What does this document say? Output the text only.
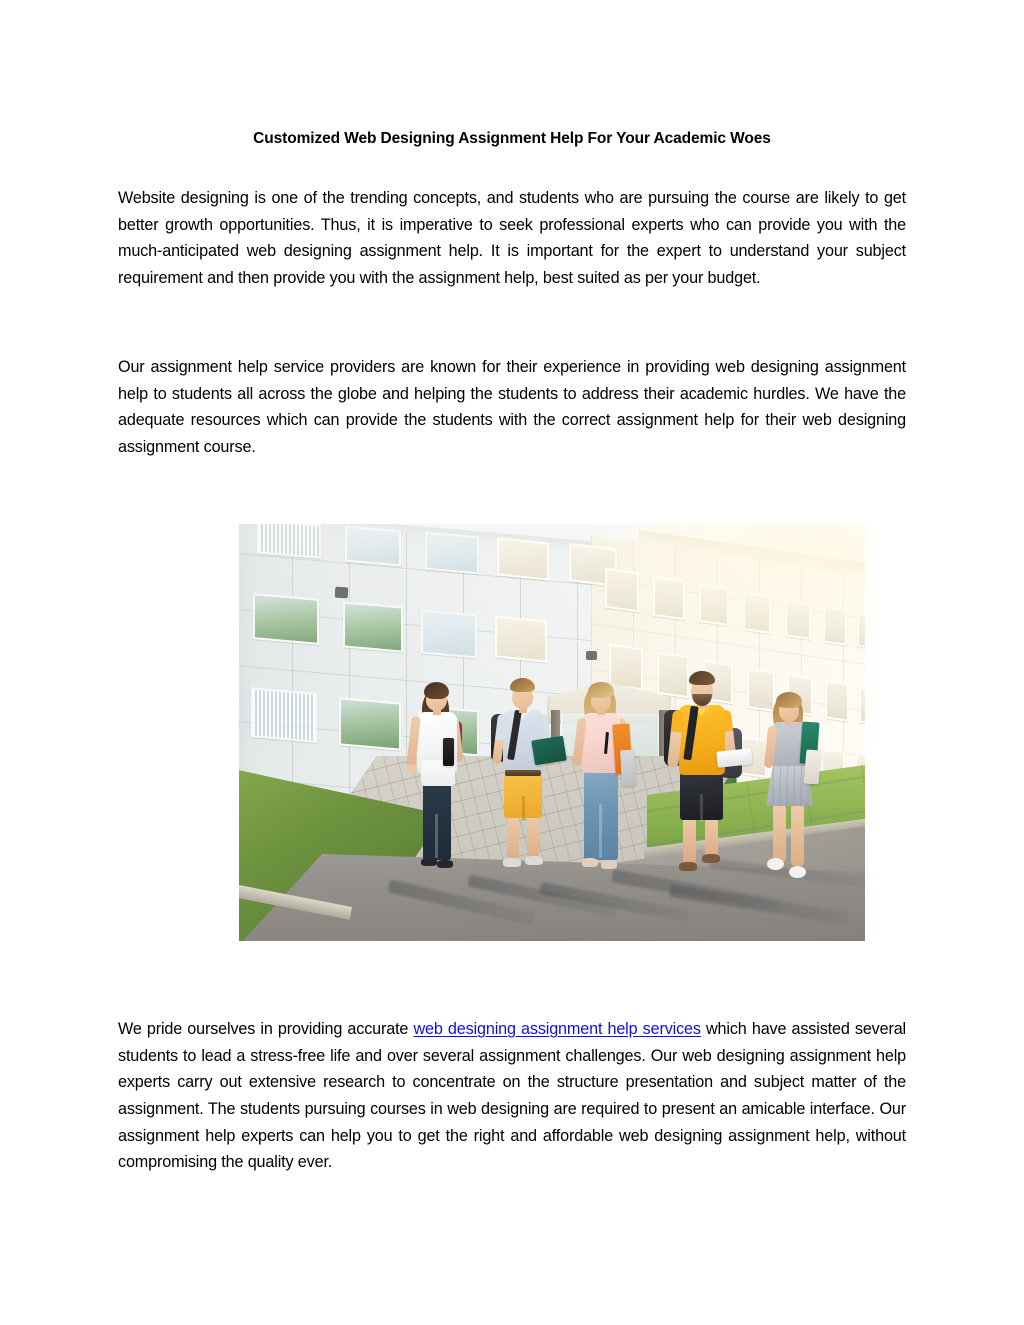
Customized Web Designing Assignment Help For Your Academic Woes

Website designing is one of the trending concepts, and students who are pursuing the course are likely to get better growth opportunities. Thus, it is imperative to seek professional experts who can provide you with the much-anticipated web designing assignment help. It is important for the expert to understand your subject requirement and then provide you with the assignment help, best suited as per your budget.

Our assignment help service providers are known for their experience in providing web designing assignment help to students all across the globe and helping the students to address their academic hurdles. We have the adequate resources which can provide the students with the correct assignment help for their web designing assignment course.

We pride ourselves in providing accurate web designing assignment help services which have assisted several students to lead a stress-free life and over several assignment challenges. Our web designing assignment help experts carry out extensive research to concentrate on the structure presentation and subject matter of the assignment. The students pursuing courses in web designing are required to present an amicable interface. Our assignment help experts can help you to get the right and affordable web designing assignment help, without compromising the quality ever.
